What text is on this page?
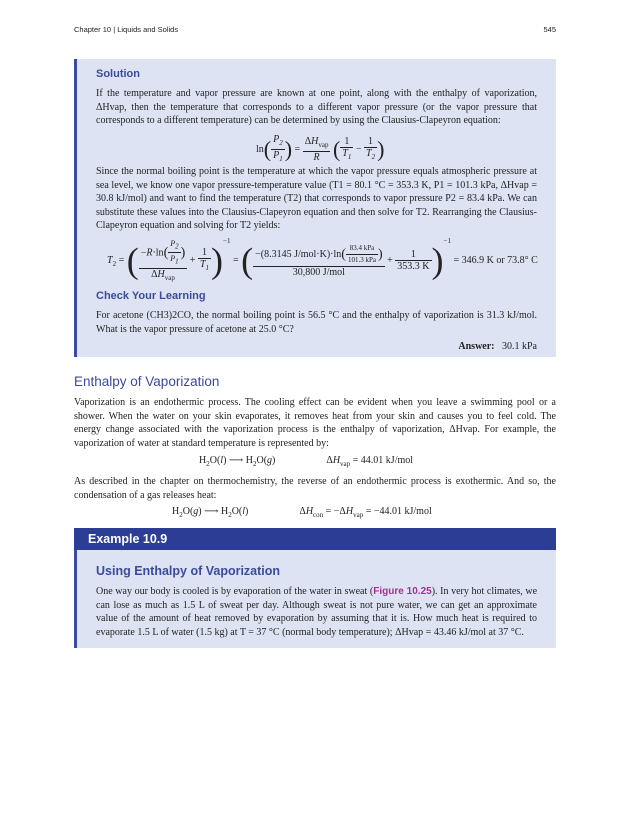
Chapter 10 | Liquids and Solids	545
Solution
If the temperature and vapor pressure are known at one point, along with the enthalpy of vaporization, ΔHvap, then the temperature that corresponds to a different vapor pressure (or the vapor pressure that corresponds to a different temperature) can be determined by using the Clausius-Clapeyron equation:
$\ln( \frac{P_2}{P_1}$ ) = $\frac{\Delta H_{vap}}{R}$ ( $\frac{1}{T_1} - \frac{1}{T_2}$ )
Since the normal boiling point is the temperature at which the vapor pressure equals atmospheric pressure at sea level, we know one vapor pressure-temperature value (T1 = 80.1 °C = 353.3 K, P1 = 101.3 kPa, ΔHvap = 30.8 kJ/mol) and want to find the temperature (T2) that corresponds to vapor pressure P2 = 83.4 kPa. We can substitute these values into the Clausius-Clapeyron equation and then solve for T2. Rearranging the Clausius-Clapeyron equation and solving for T2 yields:
$T_2$ = ( $\frac{-R\cdot\ln( \frac{P_2}{P_1} )}{\Delta H_{vap}} + \frac{1}{T_1} )^{-1}$ = ( $\frac{-(8.3145 J/mol\cdot K)\cdot\ln( \frac{\text{83.4 kPa}}{\text{101.3 kPa}} )}{\text{30,800 J/mol}} + \frac{1}{353.3 K} )^{-1} = 346.9$ K or 73.8° C
Check Your Learning
For acetone (CH3)2CO, the normal boiling point is 56.5 °C and the enthalpy of vaporization is 31.3 kJ/mol. What is the vapor pressure of acetone at 25.0 °C?
Answer: 30.1 kPa
Enthalpy of Vaporization
Vaporization is an endothermic process. The cooling effect can be evident when you leave a swimming pool or a shower. When the water on your skin evaporates, it removes heat from your skin and causes you to feel cold. The energy change associated with the vaporization process is the enthalpy of vaporization, ΔHvap. For example, the vaporization of water at standard temperature is represented by:
$H_2O(l)$ ⟶ $H_2O(g)$	$\Delta H_{vap} = 44.01$ kJ/mol
As described in the chapter on thermochemistry, the reverse of an endothermic process is exothermic. And so, the condensation of a gas releases heat:
$H_2O(g)$ ⟶ $H_2O(l)$	$\Delta H_{con} = -\Delta H_{vap} = -44.01$ kJ/mol
Example 10.9
Using Enthalpy of Vaporization
One way our body is cooled is by evaporation of the water in sweat (Figure 10.25). In very hot climates, we can lose as much as 1.5 L of sweat per day. Although sweat is not pure water, we can get an approximate value of the amount of heat removed by evaporation by assuming that it is. How much heat is required to evaporate 1.5 L of water (1.5 kg) at T = 37 °C (normal body temperature); ΔHvap = 43.46 kJ/mol at 37 °C.
